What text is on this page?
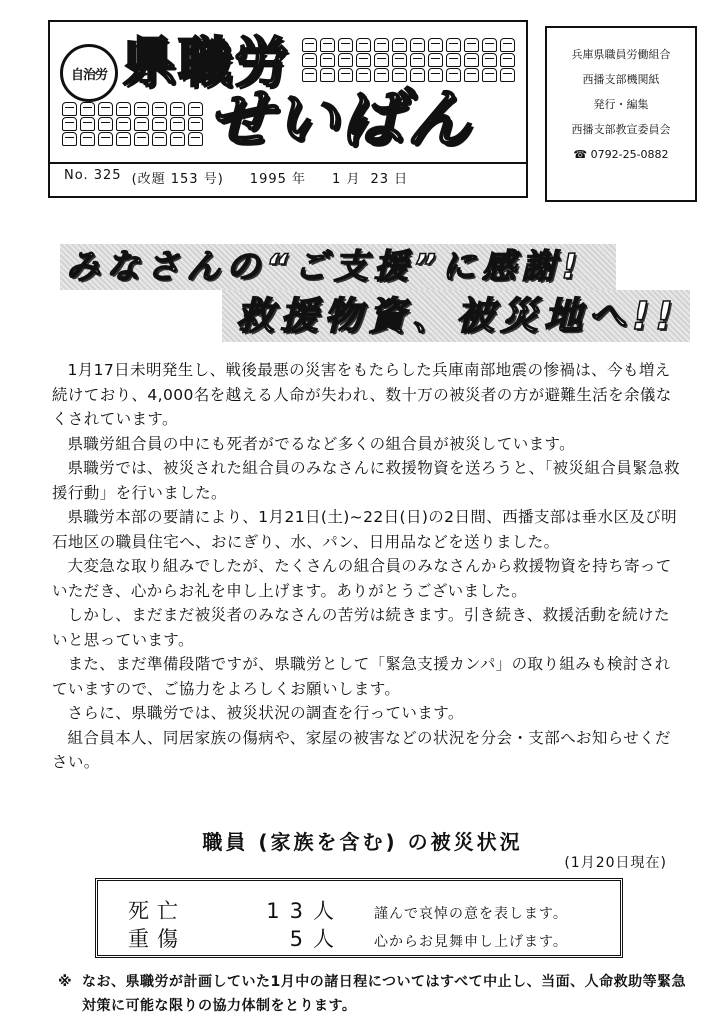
自治労 県職労
せいばん
No. 325 (改題 153 号) 1995 年 1 月 23 日
兵庫県職員労働組合
西播支部機関紙
発行・編集
西播支部教宣委員会
☎ 0792-25-0882
みなさんの“ご支援”に感謝!
救援物資、被災地へ!!

1月17日未明発生し、戦後最悪の災害をもたらした兵庫南部地震の惨禍は、今も増え続けており、4,000名を越える人命が失われ、数十万の被災者の方が避難生活を余儀なくされています。

県職労組合員の中にも死者がでるなど多くの組合員が被災しています。

県職労では、被災された組合員のみなさんに救援物資を送ろうと、「被災組合員緊急救援行動」を行いました。

県職労本部の要請により、1月21日(土)~22日(日)の2日間、西播支部は垂水区及び明石地区の職員住宅へ、おにぎり、水、パン、日用品などを送りました。

大変急な取り組みでしたが、たくさんの組合員のみなさんから救援物資を持ち寄っていただき、心からお礼を申し上げます。ありがとうございました。

しかし、まだまだ被災者のみなさんの苦労は続きます。引き続き、救援活動を続けたいと思っています。

また、まだ準備段階ですが、県職労として「緊急支援カンパ」の取り組みも検討されていますので、ご協力をよろしくお願いします。

さらに、県職労では、被災状況の調査を行っています。

組合員本人、同居家族の傷病や、家屋の被害などの状況を分会・支部へお知らせください。

職員 (家族を含む) の被災状況
(1月20日現在)
死亡	13人 謹んで哀悼の意を表します。
重傷	5人 心からお見舞申し上げます。
※ なお、県職労が計画していた1月中の諸日程についてはすべて中止し、当面、人命救助等緊急対策に可能な限りの協力体制をとります。
